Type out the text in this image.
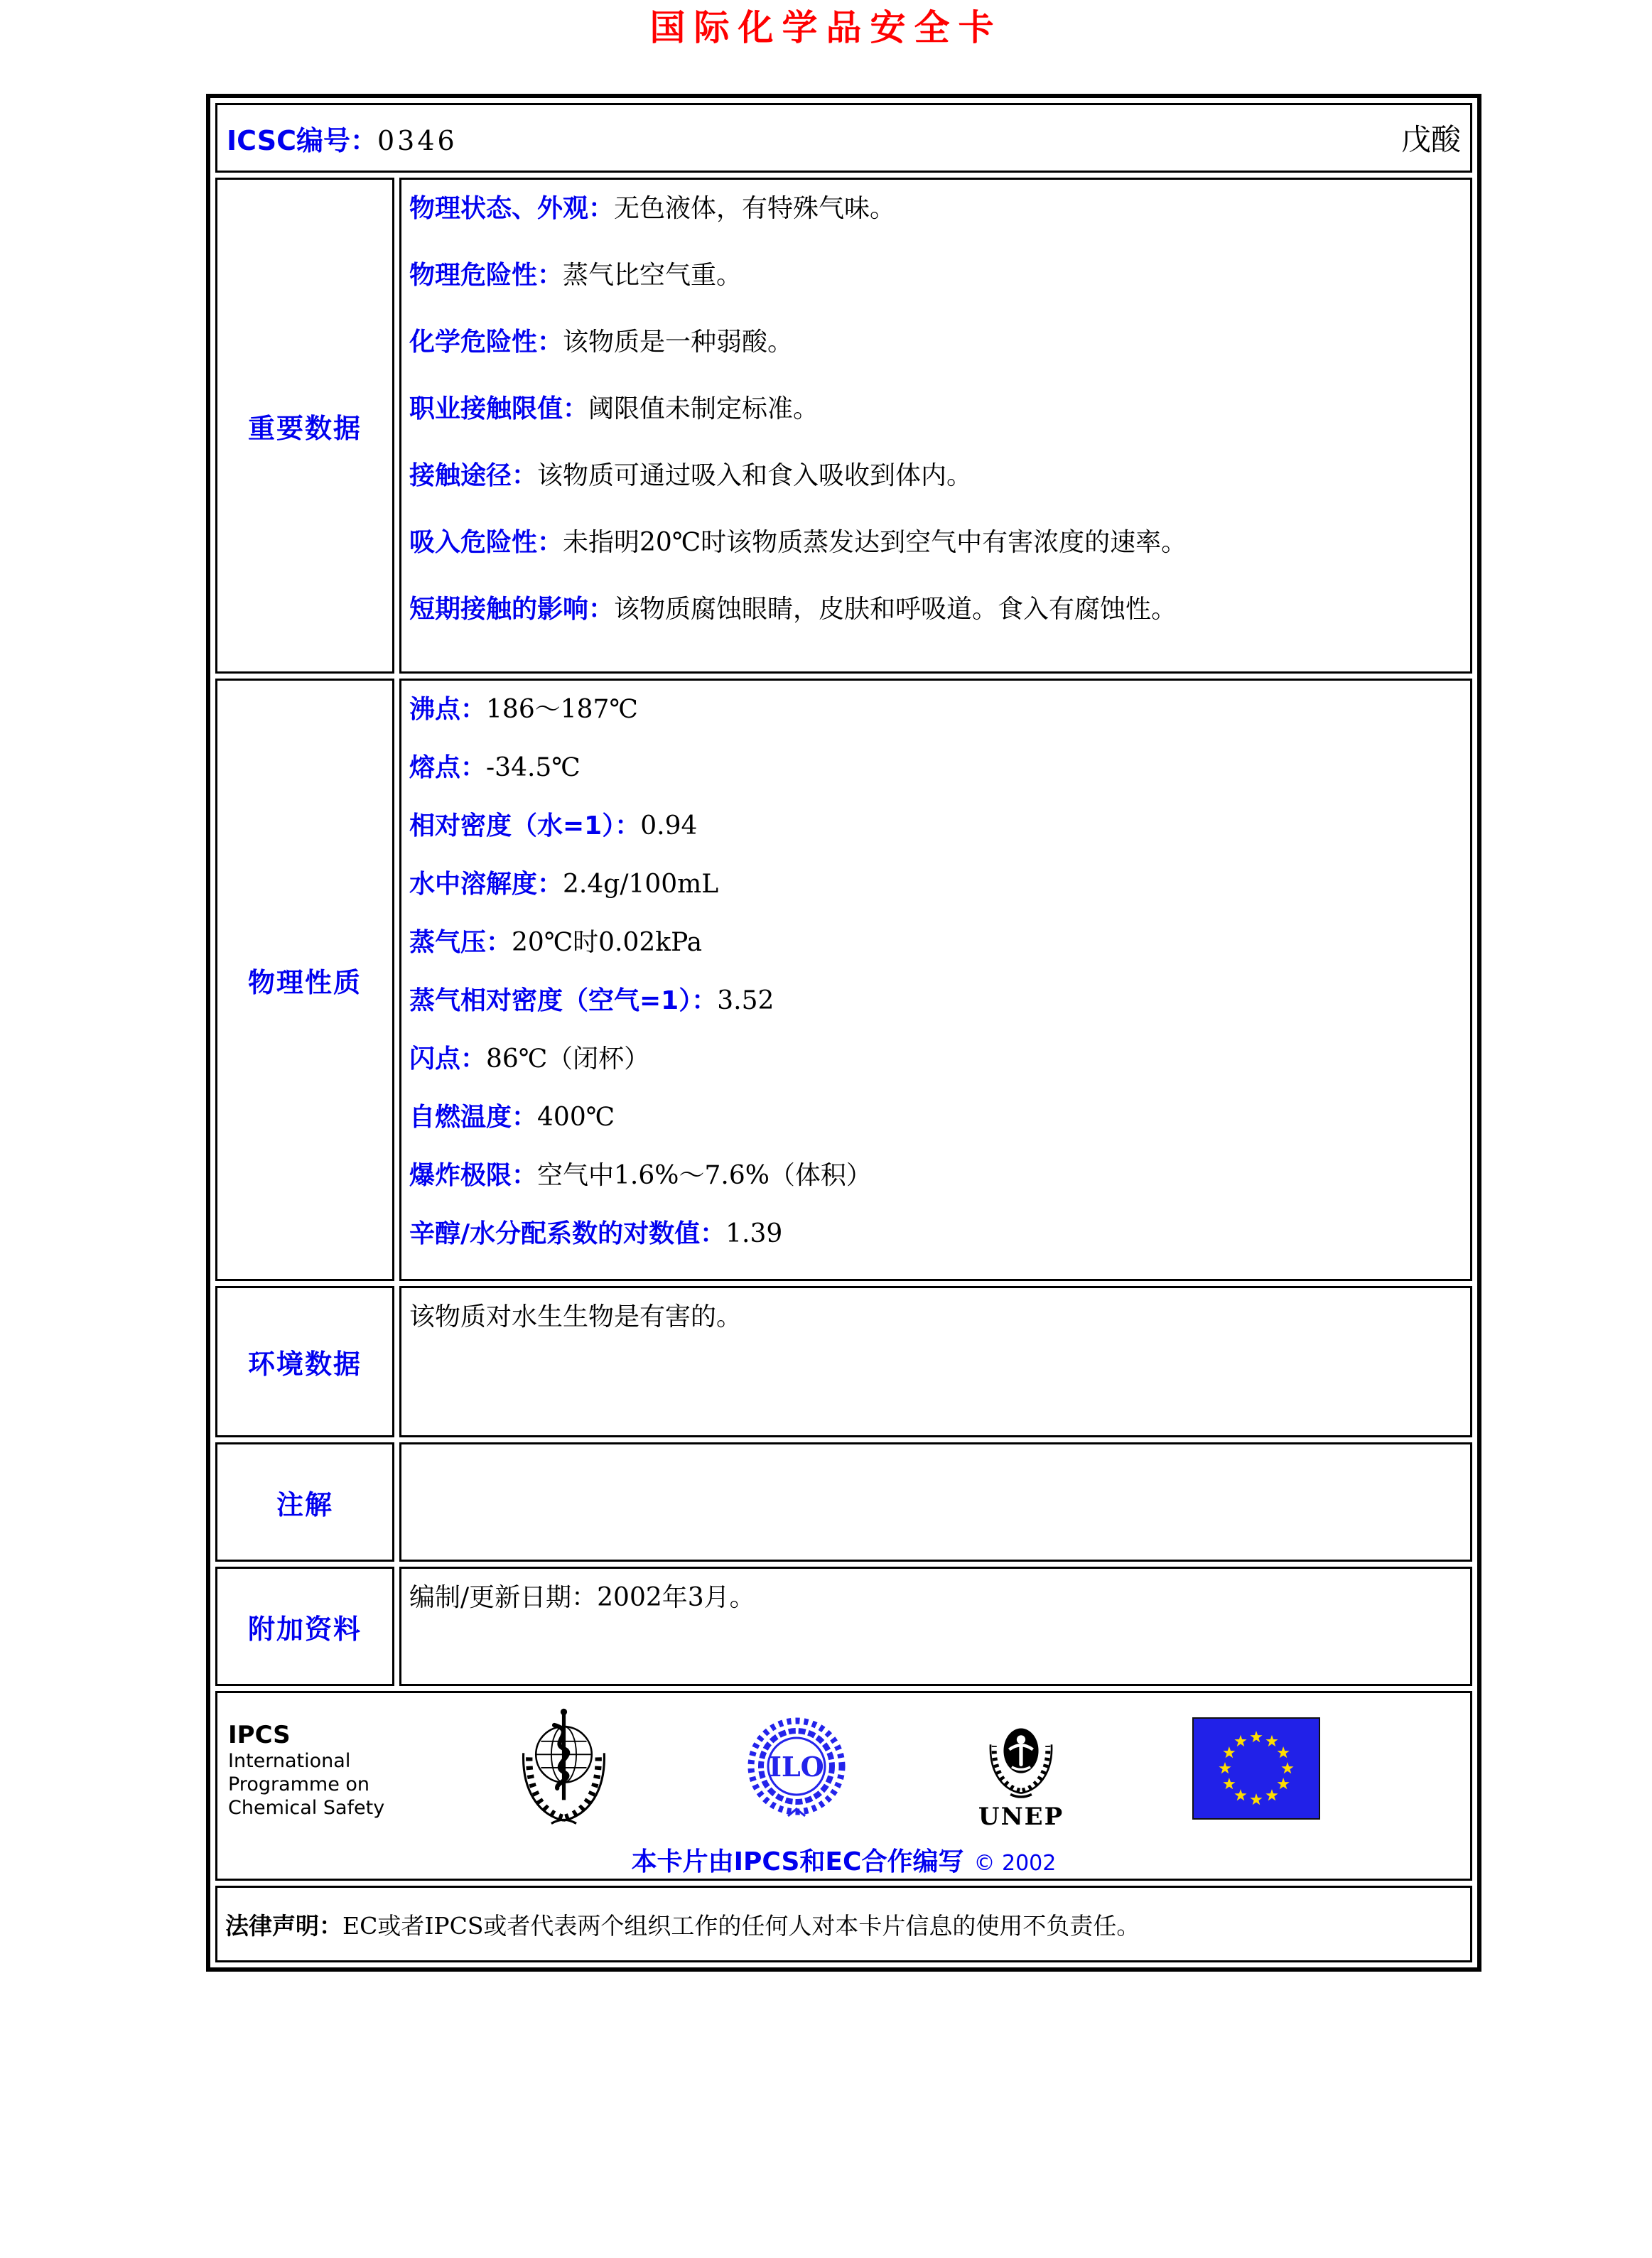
国际化学品安全卡
ICSC编号：0346 戊酸	

重要数据	
物理状态、外观：无色液体，有特殊气味。
物理危险性：蒸气比空气重。
化学危险性：该物质是一种弱酸。
职业接触限值：阈限值未制定标准。
接触途径：该物质可通过吸入和食入吸收到体内。
吸入危险性：未指明20℃时该物质蒸发达到空气中有害浓度的速率。
短期接触的影响：该物质腐蚀眼睛，皮肤和呼吸道。食入有腐蚀性。

物理性质	
沸点：186～187℃
熔点：-34.5℃
相对密度（水=1）：0.94
水中溶解度：2.4g/100mL
蒸气压：20℃时0.02kPa
蒸气相对密度（空气=1）：3.52
闪点：86℃（闭杯）
自燃温度：400℃
爆炸极限：空气中1.6%～7.6%（体积）
辛醇/水分配系数的对数值：1.39

环境数据	该物质对水生生物是有害的。

注解	

附加资料	编制/更新日期：2002年3月。

IPCS
International
Programme on
Chemical Safety
ILO
UNEP
本卡片由IPCS和EC合作编写 © 2002

法律声明：EC或者IPCS或者代表两个组织工作的任何人对本卡片信息的使用不负责任。	
